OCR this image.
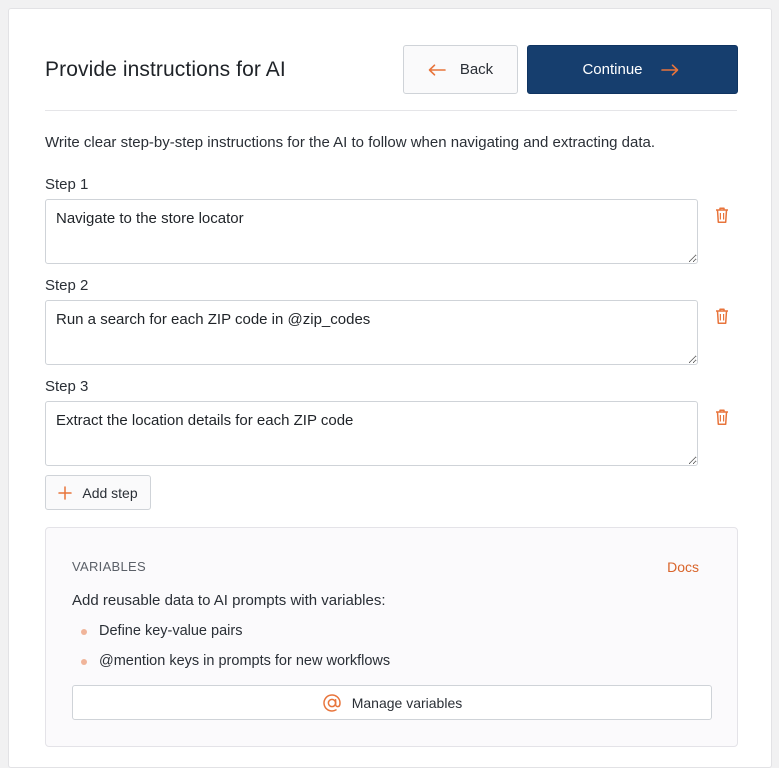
Provide instructions for AI	Back	Continue

Write clear step-by-step instructions for the AI to follow when navigating and extracting data.

Step 1
Navigate to the store locator
Step 2
Run a search for each ZIP code in @zip_codes
Step 3
Extract the location details for each ZIP code
Add step
VARIABLES	Docs

Add reusable data to AI prompts with variables:

Define key-value pairs
@mention keys in prompts for new workflows
Manage variables
